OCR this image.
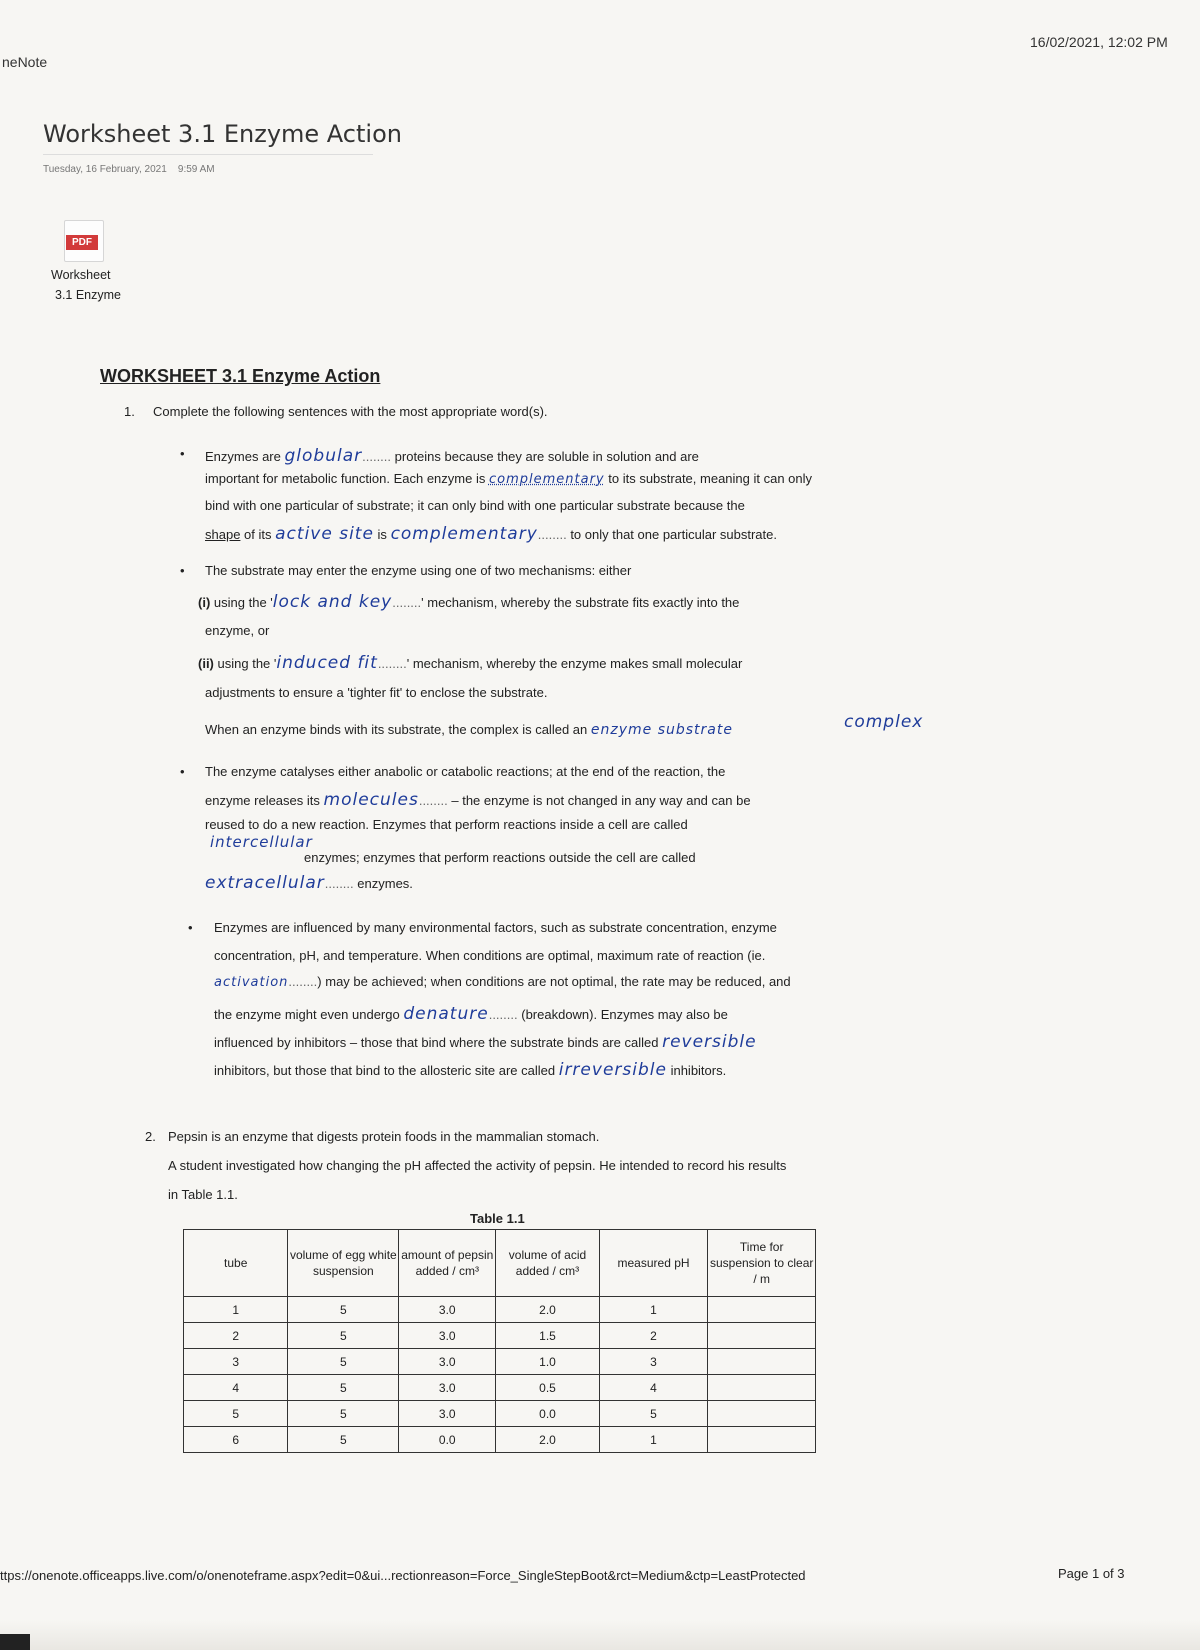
neNote
16/02/2021, 12:02 PM
Worksheet 3.1 Enzyme Action
Tuesday, 16 February, 2021 9:59 AM
PDF
Worksheet
3.1 Enzyme
WORKSHEET 3.1 Enzyme Action
1. Complete the following sentences with the most appropriate word(s).
• Enzymes are globular........ proteins because they are soluble in solution and are
important for metabolic function. Each enzyme is complementary to its substrate, meaning it can only
bind with one particular of substrate; it can only bind with one particular substrate because the
shape of its active site is complementary........ to only that one particular substrate.
• The substrate may enter the enzyme using one of two mechanisms: either
(i) using the 'lock and key........' mechanism, whereby the substrate fits exactly into the
enzyme, or
(ii) using the 'induced fit........' mechanism, whereby the enzyme makes small molecular
adjustments to ensure a 'tighter fit' to enclose the substrate.
When an enzyme binds with its substrate, the complex is called an enzyme substrate	complex
• The enzyme catalyses either anabolic or catabolic reactions; at the end of the reaction, the
enzyme releases its molecules........ – the enzyme is not changed in any way and can be
reused to do a new reaction. Enzymes that perform reactions inside a cell are called
intercellular
enzymes; enzymes that perform reactions outside the cell are called
extracellular........ enzymes.
• Enzymes are influenced by many environmental factors, such as substrate concentration, enzyme
concentration, pH, and temperature. When conditions are optimal, maximum rate of reaction (ie.
activation........) may be achieved; when conditions are not optimal, the rate may be reduced, and
the enzyme might even undergo denature........ (breakdown). Enzymes may also be
influenced by inhibitors – those that bind where the substrate binds are called reversible
inhibitors, but those that bind to the allosteric site are called irreversible inhibitors.
2. Pepsin is an enzyme that digests protein foods in the mammalian stomach.
A student investigated how changing the pH affected the activity of pepsin. He intended to record his results
in Table 1.1.
Table 1.1
tube	volume of egg white suspension	amount of pepsin added / cm³	volume of acid added / cm³	measured pH	Time for suspension to clear / m
1	5	3.0	2.0	1	
2	5	3.0	1.5	2	
3	5	3.0	1.0	3	
4	5	3.0	0.5	4	
5	5	3.0	0.0	5	
6	5	0.0	2.0	1	
ttps://onenote.officeapps.live.com/o/onenoteframe.aspx?edit=0&ui...rectionreason=Force_SingleStepBoot&rct=Medium&ctp=LeastProtected	Page 1 of 3
